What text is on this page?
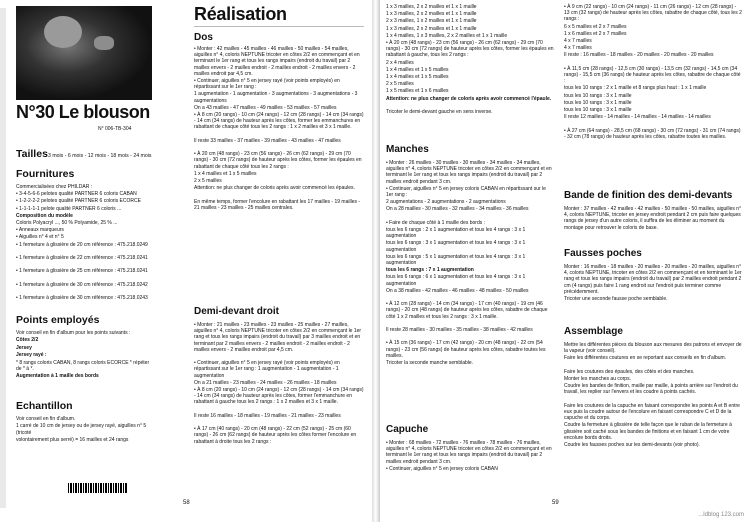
N°30 Le blouson
N° 006-TB-304
Tailles 3 mois - 6 mois - 12 mois - 18 mois - 24 mois
Fournitures
Commercialisées chez PHILDAR :
• 3-4-5-6-6 pelotes qualité PARTNER 6 coloris CABAN
• 1-2-2-2-2 pelotes qualité PARTNER 6 coloris ECORCE
• 1-1-1-1-1 pelote qualité PARTNER 6 coloris ...
Composition du modèle
Coloris Polyacryl ..., 50 % Polyamide, 25 % ...
• Anneaux marqueurs
• Aiguilles n° 4 et n° 5
• 1 fermeture à glissière de 20 cm référence : 475.218.0249
• 1 fermeture à glissière de 22 cm référence : 475.218.0241
• 1 fermeture à glissière de 25 cm référence : 475.218.0241
• 1 fermeture à glissière de 30 cm référence : 475.218.0242
• 1 fermeture à glissière de 30 cm référence : 475.218.0243
Points employés
Voir conseil en fin d'album pour les points suivants :
Côtes 2/2
Jersey
Jersey rayé :
* 8 rangs coloris CABAN, 8 rangs coloris ECORCE * répéter de * à *.
Augmentation à 1 maille des bords
Echantillon
Voir conseil en fin d'album.
1 carré de 10 cm de jersey ou de jersey rayé, aiguilles n° 5 (tricoté
volontairement plus serré) = 16 mailles et 24 rangs
Réalisation
Dos
• Monter : 42 mailles - 45 mailles - 46 mailles - 50 mailles - 54 mailles, aiguilles n° 4, coloris NEPTUNE tricoter en côtes 2/2 en commençant et en terminant le 1er rang et tous les rangs impairs (endroit du travail) par 2 mailles envers - 2 mailles endroit - 2 mailles endroit - 2 mailles envers - 2 mailles endroit par 4,5 cm.
• Continuer, aiguilles n° 5 en jersey rayé (voir points employés) en répartissant sur le 1er rang :
1 augmentation - 1 augmentation - 3 augmentations - 3 augmentations - 3 augmentations
On a 43 mailles - 47 mailles - 49 mailles - 53 mailles - 57 mailles
• À 8 cm (20 rangs) - 10 cm (24 rangs) - 12 cm (28 rangs) - 14 cm (34 rangs) - 14 cm (34 rangs) de hauteur après les côtes, former les emmanchures en rabattant de chaque côté tous les 2 rangs : 1 x 2 mailles et 3 x 1 maille.
Il reste 33 mailles - 37 mailles - 39 mailles - 43 mailles - 47 mailles
• À 20 cm (48 rangs) - 23 cm (56 rangs) - 26 cm (62 rangs) - 29 cm (70 rangs) - 30 cm (72 rangs) de hauteur après les côtes, former les épaules en rabattant de chaque côté tous les 2 rangs :
1 x 4 mailles et 1 x 5 mailles
2 x 5 mailles
Attention: ne plus changer de coloris après avoir commencé les épaules.
En même temps, former l'encolure en rabattant les 17 mailles - 19 mailles - 21 mailles - 23 mailles - 25 mailles centrales.
Demi-devant droit
• Monter : 21 mailles - 23 mailles - 23 mailles - 25 mailles - 27 mailles, aiguilles n° 4, coloris NEPTUNE tricoter en côtes 2/2 en commençant le 1er rang et tous les rangs impairs (endroit du travail) par 3 mailles endroit et en terminant par 2 mailles envers - 2 mailles endroit - 2 mailles endroit - 2 mailles envers - 2 mailles endroit par 4,5 cm.
• Continuer, aiguilles n° 5 en jersey rayé (voir points employés) en répartissant sur le 1er rang : 1 augmentation - 1 augmentation - 1 augmentation
On a 21 mailles - 23 mailles - 24 mailles - 26 mailles - 18 mailles
• À 8 cm (20 rangs) - 10 cm (24 rangs) - 12 cm (28 rangs) - 14 cm (34 rangs) - 14 cm (34 rangs) de hauteur après les côtes, former l'emmanchure en rabattant à gauche tous les 2 rangs : 1 x 2 mailles et 3 x 1 maille.
Il reste 16 mailles - 18 mailles - 19 mailles - 21 mailles - 23 mailles
• À 17 cm (40 rangs) - 20 cm (48 rangs) - 22 cm (52 rangs) - 25 cm (60 rangs) - 26 cm (62 rangs) de hauteur après les côtes former l'encolure en rabattant à droite tous les 2 rangs :
58
1 x 3 mailles, 2 x 2 mailles et 1 x 1 maille
1 x 3 mailles, 2 x 2 mailles et 1 x 1 maille
2 x 3 mailles, 1 x 2 mailles et 1 x 1 maille
1 x 3 mailles, 2 x 2 mailles et 1 x 1 maille
1 x 4 mailles, 1 x 3 mailles, 2 x 2 mailles et 1 x 1 maille
• À 20 cm (48 rangs) - 23 cm (56 rangs) - 26 cm (62 rangs) - 29 cm (70 rangs) - 30 cm (72 rangs) de hauteur après les côtes, former les épaules en rabattant à gauche, tous les 2 rangs :
2 x 4 mailles
1 x 4 mailles et 1 x 5 mailles
1 x 4 mailles et 1 x 5 mailles
2 x 5 mailles
1 x 5 mailles et 1 x 6 mailles
Attention: ne plus changer de coloris après avoir commencé l'épaule.
Tricoter le demi-devant gauche en sens inverse.
Manches
• Monter : 26 mailles - 30 mailles - 30 mailles - 34 mailles - 34 mailles, aiguilles n° 4, coloris NEPTUNE tricoter en côtes 2/2 en commençant et en terminant le 1er rang et tous les rangs impairs (endroit du travail) par 2 mailles endroit pendant 3 cm.
• Continuer, aiguilles n° 5 en jersey coloris CABAN en répartissant sur le 1er rang :
2 augmentations - 2 augmentations - 2 augmentations
On a 28 mailles - 30 mailles - 32 mailles - 34 mailles - 36 mailles
• Faire de chaque côté à 1 maille des bords :
tous les 6 rangs : 2 x 1 augmentation et tous les 4 rangs : 3 x 1 augmentation
tous les 6 rangs : 3 x 1 augmentation et tous les 4 rangs : 3 x 1 augmentation
tous les 6 rangs : 5 x 1 augmentation et tous les 4 rangs : 3 x 1 augmentation
tous les 6 rangs : 7 x 1 augmentation
tous les 6 rangs : 6 x 1 augmentation et tous les 4 rangs : 3 x 1 augmentation
On a 38 mailles - 42 mailles - 46 mailles - 48 mailles - 50 mailles
• À 12 cm (28 rangs) - 14 cm (34 rangs) - 17 cm (40 rangs) - 19 cm (46 rangs) - 20 cm (48 rangs) de hauteur après les côtes, rabattre de chaque côté 1 x 2 mailles et tous les 2 rangs : 3 x 1 maille.
Il reste 28 mailles - 30 mailles - 35 mailles - 38 mailles - 42 mailles
• À 15 cm (36 rangs) - 17 cm (42 rangs) - 20 cm (48 rangs) - 22 cm (54 rangs) - 23 cm (56 rangs) de hauteur après les côtes, rabattre toutes les mailles.
Tricoter la seconde manche semblable.
Capuche
• Monter : 68 mailles - 72 mailles - 76 mailles - 78 mailles - 76 mailles, aiguilles n° 4, coloris NEPTUNE tricoter en côtes 2/2 en commençant et en terminant le 1er rang et tous les rangs impairs (endroit du travail) par 2 mailles endroit pendant 3 cm.
• Continuer, aiguilles n° 5 en jersey coloris CABAN
• À 9 cm (22 rangs) - 10 cm (24 rangs) - 11 cm (26 rangs) - 12 cm (28 rangs) - 13 cm (32 rangs) de hauteur après les côtes, rabattre de chaque côté, tous les 2 rangs :
6 x 5 mailles et 2 x 7 mailles
1 x 6 mailles et 2 x 7 mailles
4 x 7 mailles
4 x 7 mailles
Il reste : 16 mailles - 18 mailles - 20 mailles - 20 mailles - 20 mailles
• À 11,5 cm (28 rangs) - 12,5 cm (30 rangs) - 13,5 cm (32 rangs) - 14,5 cm (34 rangs) - 15,5 cm (36 rangs) de hauteur après les côtes, rabattre de chaque côté :
tous les 10 rangs : 2 x 1 maille et 8 rangs plus haut : 1 x 1 maille
tous les 10 rangs : 3 x 1 maille
tous les 10 rangs : 3 x 1 maille
tous les 10 rangs : 3 x 1 maille
Il reste 12 mailles - 14 mailles - 14 mailles - 14 mailles - 14 mailles
• À 27 cm (64 rangs) - 28,5 cm (68 rangs) - 30 cm (72 rangs) - 31 cm (74 rangs) - 32 cm (78 rangs) de hauteur après les côtes, rabattre toutes les mailles.
Bande de finition des demi-devants
Monter : 37 mailles - 42 mailles - 42 mailles - 50 mailles - 50 mailles, aiguilles n° 4, coloris NEPTUNE, tricoter en jersey endroit pendant 2 cm puis faire quelques rangs de jersey d'un autre coloris, il suffira de les éliminer au moment du montage pour retrouver le coloris de base.
Fausses poches
Monter : 16 mailles - 18 mailles - 20 mailles - 20 mailles - 20 mailles, aiguilles n° 4, coloris NEPTUNE, tricoter en côtes 2/2 en commençant et en terminant le 1er rang et tous les rangs impairs (endroit du travail) par 2 mailles endroit pendant 2 cm (4 rangs) puis faire 1 rang endroit sur l'endroit puis terminer comme précédemment.
Tricoter une seconde fausse poche semblable.
Assemblage
Mettre les différentes pièces du blouson aux mesures des patrons et envoyer de la vapeur (voir conseil).
Faire les différentes coutures en se reportant aux conseils en fin d'album.
Faire les coutures des épaules, des côtés et des manches.
Monter les manches au corps.
Coudre les bandes de finition, maille par maille, à points arrière sur l'endroit du travail, les replier sur l'envers et les coudre à points cachés.
Faire les coutures de la capuche en faisant correspondre les points A et B entre eux puis la coudre autour de l'encolure en faisant correspondre C et D de la capuche et du corps.
Coudre la fermeture à glissière de telle façon que le ruban de la fermeture à glissière soit caché sous les bandes de finitions et en faisant 1 cm de votre encolure bords droits.
Coudre les fausses poches sur les demi-devants (voir photo).
59
...ldblog 123.com
